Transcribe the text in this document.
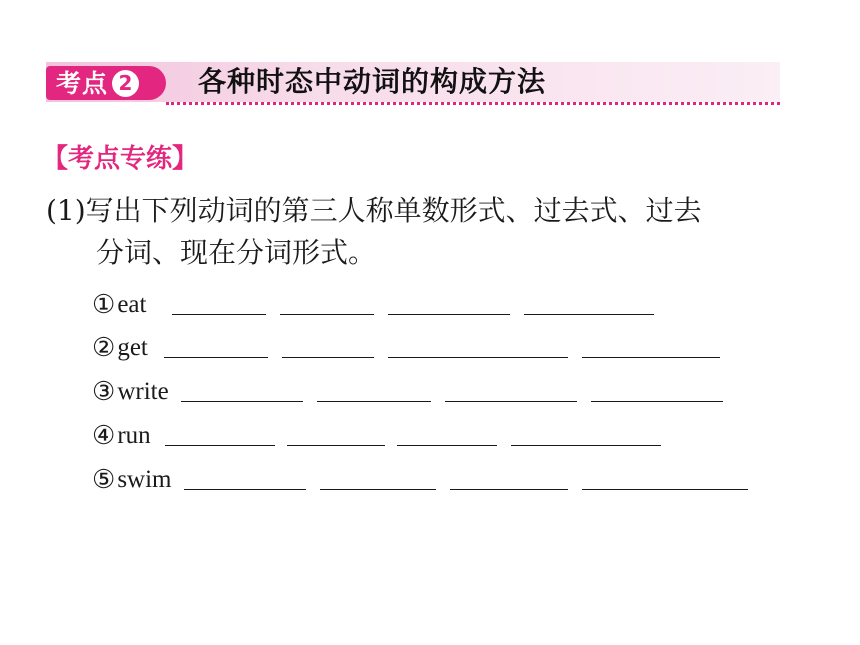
考点 2 各种时态中动词的构成方法
【考点专练】
(1)写出下列动词的第三人称单数形式、过去式、过去
分词、现在分词形式。
① eat
② get
③ write
④ run
⑤ swim
